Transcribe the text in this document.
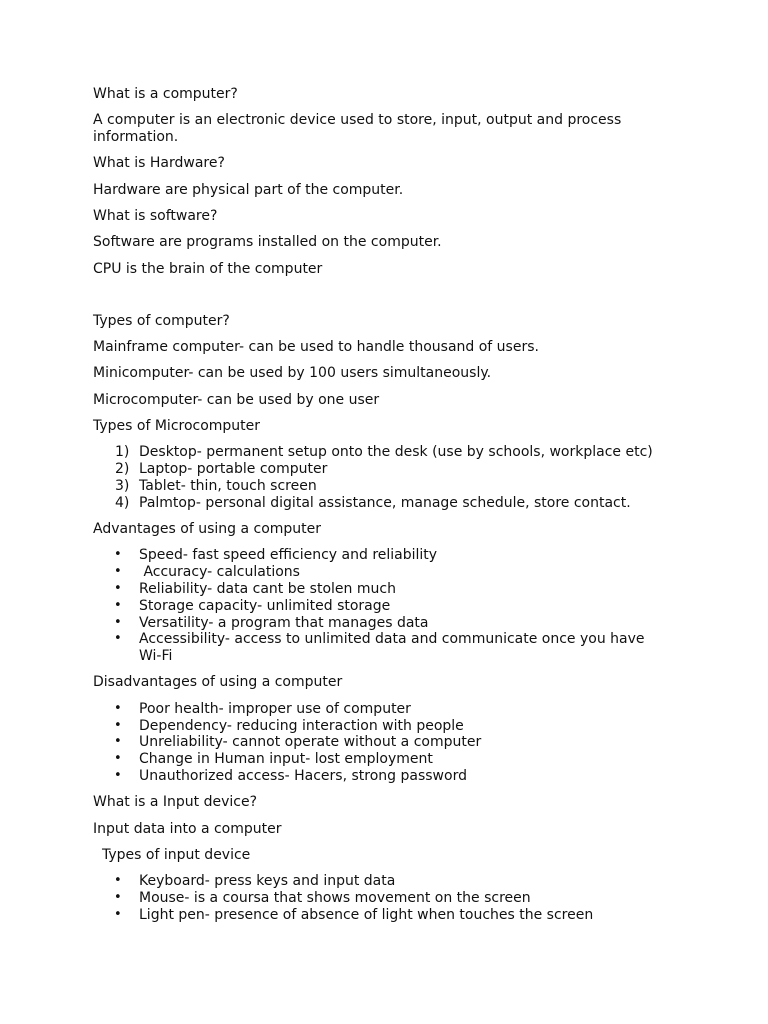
What is a computer?

A computer is an electronic device used to store, input, output and process information.

What is Hardware?

Hardware are physical part of the computer.

What is software?

Software are programs installed on the computer.

CPU is the brain of the computer

Types of computer?

Mainframe computer- can be used to handle thousand of users.

Minicomputer- can be used by 100 users simultaneously.

Microcomputer- can be used by one user

Types of Microcomputer

1) Desktop- permanent setup onto the desk (use by schools, workplace etc)
2) Laptop- portable computer
3) Tablet- thin, touch screen
4) Palmtop- personal digital assistance, manage schedule, store contact.

Advantages of using a computer

• Speed- fast speed efficiency and reliability
• Accuracy- calculations
• Reliability- data cant be stolen much
• Storage capacity- unlimited storage
• Versatility- a program that manages data
• Accessibility- access to unlimited data and communicate once you have Wi-Fi

Disadvantages of using a computer

• Poor health- improper use of computer
• Dependency- reducing interaction with people
• Unreliability- cannot operate without a computer
• Change in Human input- lost employment
• Unauthorized access- Hacers, strong password

What is a Input device?

Input data into a computer

Types of input device

• Keyboard- press keys and input data
• Mouse- is a coursa that shows movement on the screen
• Light pen- presence of absence of light when touches the screen
